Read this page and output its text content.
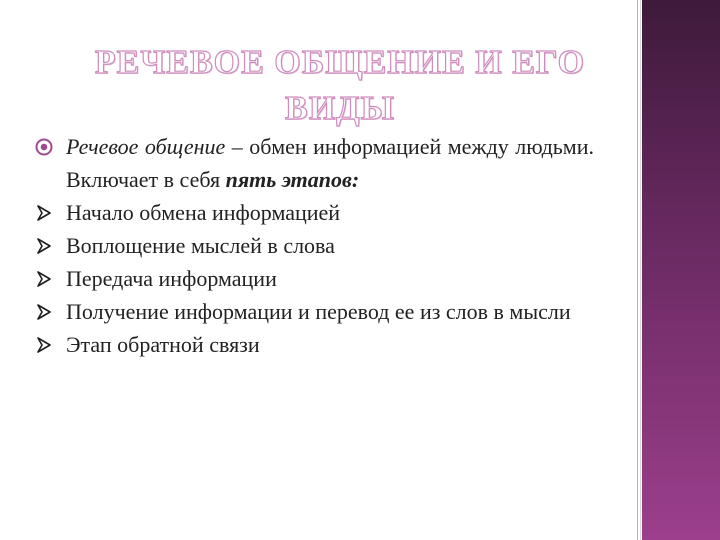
РЕЧЕВОЕ ОБЩЕНИЕ И ЕГО ВИДЫ
Речевое общение – обмен информацией между людьми. Включает в себя пять этапов:
Начало обмена информацией
Воплощение мыслей в слова
Передача информации
Получение информации и перевод ее из слов в мысли
Этап обратной связи
